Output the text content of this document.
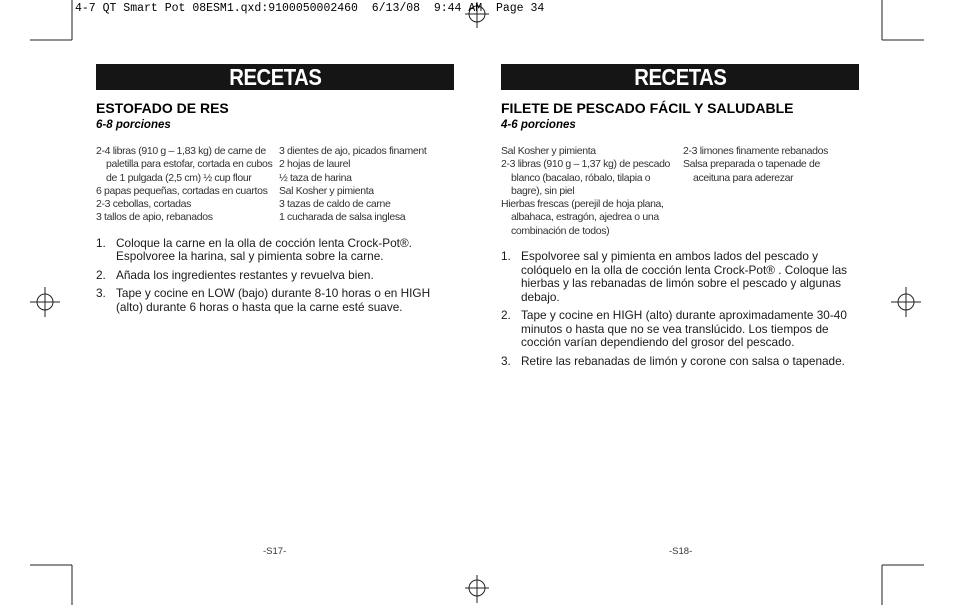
4-7 QT Smart Pot 08ESM1.qxd:9100050002460  6/13/08  9:44 AM  Page 34
RECETAS
ESTOFADO DE RES
6-8 porciones
2-4 libras (910 g – 1,83 kg) de carne de paletilla para estofar, cortada en cubos de 1 pulgada (2,5 cm) ½ cup flour
6 papas pequeñas, cortadas en cuartos
2-3 cebollas, cortadas
3 tallos de apio, rebanados
3 dientes de ajo, picados finament
2 hojas de laurel
½ taza de harina
Sal Kosher y pimienta
3 tazas de caldo de carne
1 cucharada de salsa inglesa
1. Coloque la carne en la olla de cocción lenta Crock-Pot®. Espolvoree la harina, sal y pimienta sobre la carne.
2. Añada los ingredientes restantes y revuelva bien.
3. Tape y cocine en LOW (bajo) durante 8-10 horas o en HIGH (alto) durante 6 horas o hasta que la carne esté suave.
-S17-
RECETAS
FILETE DE PESCADO FÁCIL Y SALUDABLE
4-6 porciones
Sal Kosher y pimienta
2-3 libras (910 g – 1,37 kg) de pescado blanco (bacalao, róbalo, tilapia o bagre), sin piel
Hierbas frescas (perejil de hoja plana, albahaca, estragón, ajedrea o una combinación de todos)
2-3 limones finamente rebanados
Salsa preparada o tapenade de aceituna para aderezar
1. Espolvoree sal y pimienta en ambos lados del pescado y colóquelo en la olla de cocción lenta Crock-Pot® . Coloque las hierbas y las rebanadas de limón sobre el pescado y algunas debajo.
2. Tape y cocine en HIGH (alto) durante aproximadamente 30-40 minutos o hasta que no se vea translúcido. Los tiempos de cocción varían dependiendo del grosor del pescado.
3. Retire las rebanadas de limón y corone con salsa o tapenade.
-S18-
